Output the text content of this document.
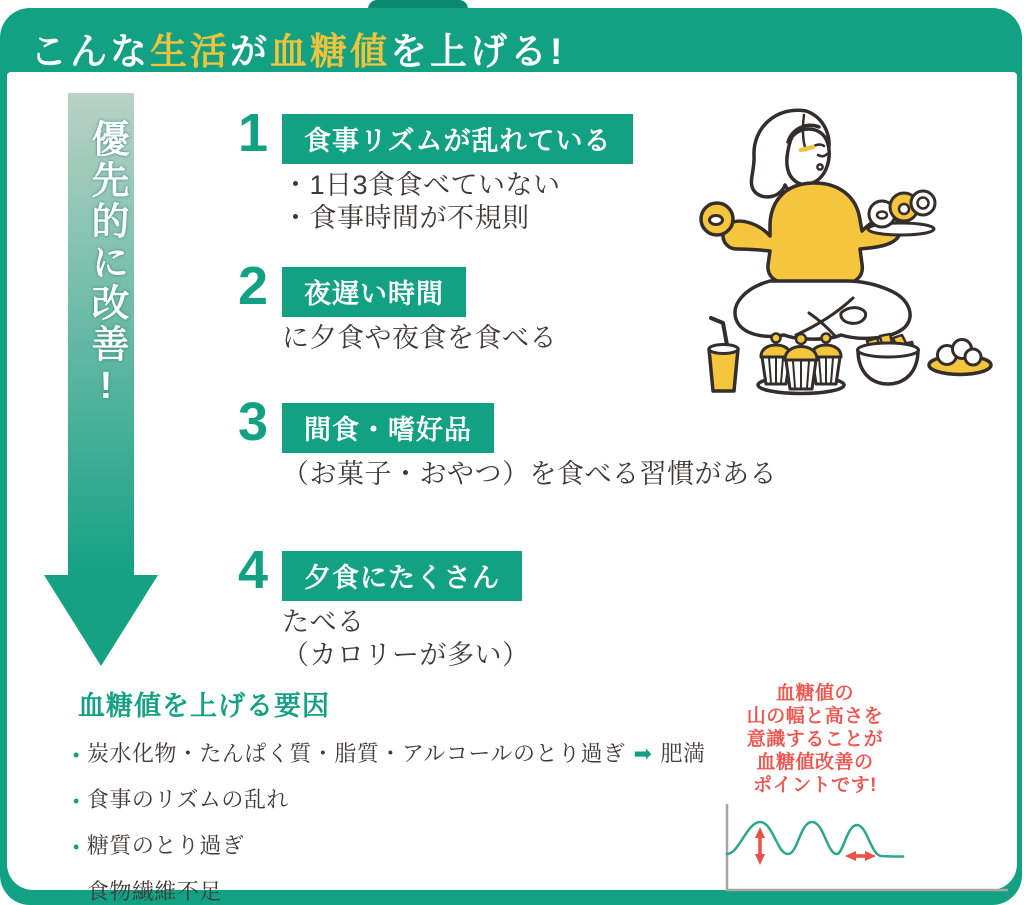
こんな生活が血糖値を上げる!
優先的に改善! 1	食事リズムが乱れている
・1日3食食べていない
・食事時間が不規則
2	夜遅い時間
に夕食や夜食を食べる
3	間食・嗜好品
（お菓子・おやつ）を食べる習慣がある
4	夕食にたくさん
たべる
（カロリーが多い）
血糖値を上げる要因
• 炭水化物・たんぱく質・脂質・アルコールのとり過ぎ ➡ 肥満
• 食事のリズムの乱れ
• 糖質のとり過ぎ
• 食物繊維不足
血糖値の
山の幅と高さを
意識することが
血糖値改善の
ポイントです!
